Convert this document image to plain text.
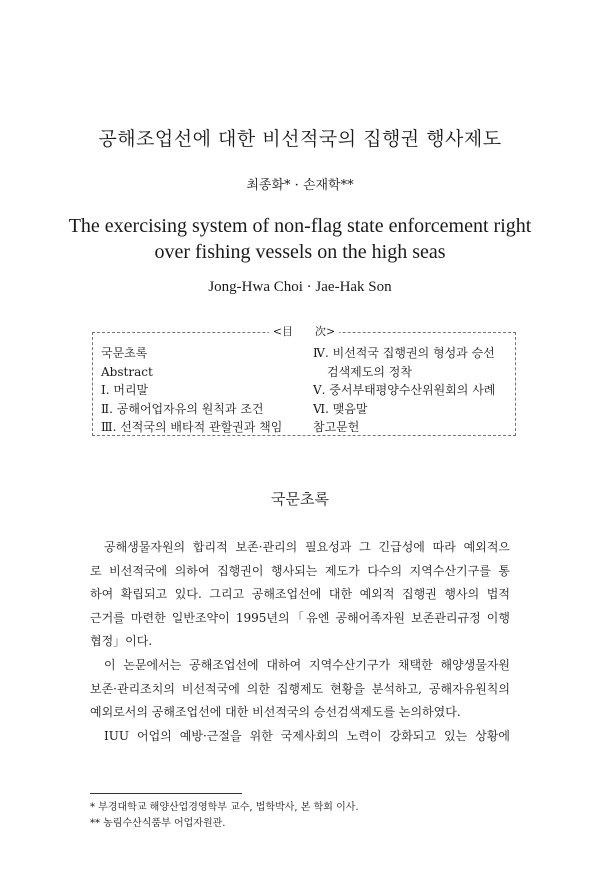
공해조업선에 대한 비선적국의 집행권 행사제도
최종화* · 손재학**
The exercising system of non-flag state enforcement right
over fishing vessels on the high seas
Jong-Hwa Choi · Jae-Hak Son
<目　　次>
국문초록
Abstract
Ⅰ. 머리말
Ⅱ. 공해어업자유의 원칙과 조건
Ⅲ. 선적국의 배타적 관할권과 책임
Ⅳ. 비선적국 집행권의 형성과 승선
검색제도의 정착
Ⅴ. 중서부태평양수산위원회의 사례
Ⅵ. 맺음말
참고문헌
국문초록
공해생물자원의 합리적 보존·관리의 필요성과 그 긴급성에 따라 예외적으
로 비선적국에 의하여 집행권이 행사되는 제도가 다수의 지역수산기구를 통
하여 확립되고 있다. 그리고 공해조업선에 대한 예외적 집행권 행사의 법적
근거를 마련한 일반조약이 1995년의「유엔 공해어족자원 보존관리규정 이행
협정」이다.
이 논문에서는 공해조업선에 대하여 지역수산기구가 채택한 해양생물자원
보존·관리조치의 비선적국에 의한 집행제도 현황을 분석하고, 공해자유원칙의
예외로서의 공해조업선에 대한 비선적국의 승선검색제도를 논의하였다.
IUU 어업의 예방·근절을 위한 국제사회의 노력이 강화되고 있는 상황에
* 부경대학교 해양산업경영학부 교수, 법학박사, 본 학회 이사.
** 농림수산식품부 어업자원관.
